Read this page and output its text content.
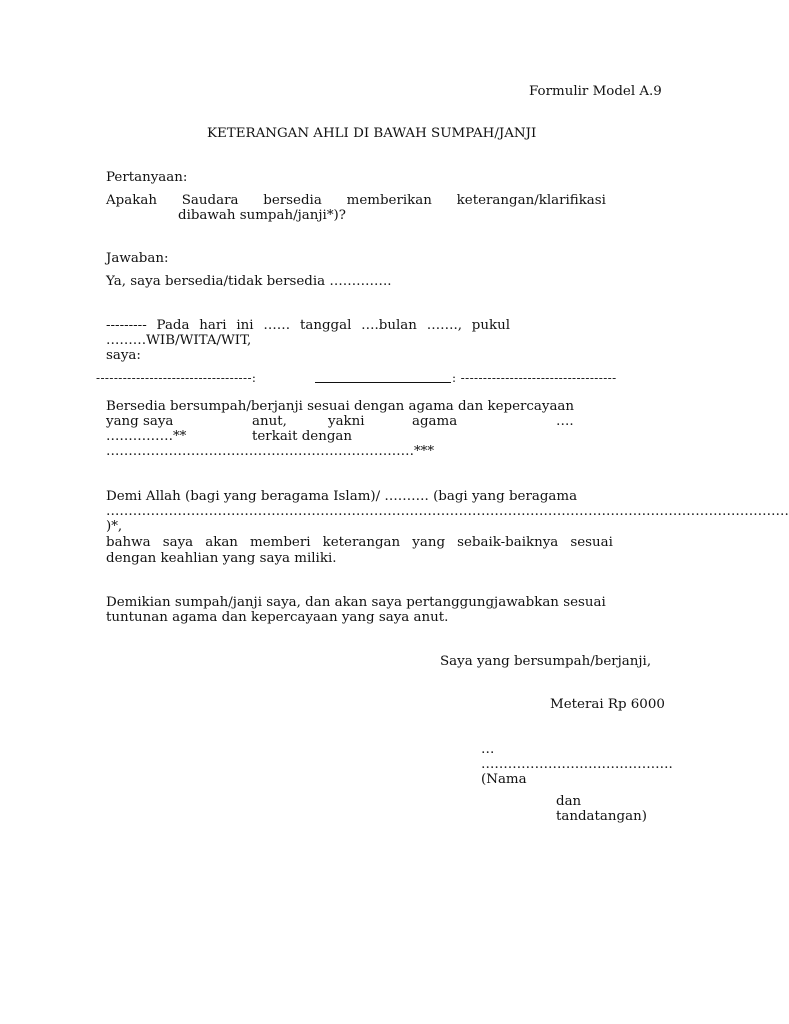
Formulir Model A.9
KETERANGAN AHLI DI BAWAH SUMPAH/JANJI
Pertanyaan:
Apakah Saudara bersedia memberikan keterangan/klarifikasi
dibawah sumpah/janji*)?
Jawaban:
Ya, saya bersedia/tidak bersedia …………..
--------- Pada hari ini …… tanggal ….bulan ……., pukul
………WIB/WITA/WIT,
saya:
-----------------------------------:	: -----------------------------------
Bersedia bersumpah/berjanji sesuai dengan agama dan kepercayaan
yang saya	anut,	yakni	agama	….
……………**	terkait dengan
……………………………………………………………***
Demi Allah (bagi yang beragama Islam)/ ………. (bagi yang beragama
………………………………………………………………………………………………………………………………………
)*,
bahwa saya akan memberi keterangan yang sebaik-baiknya sesuai
dengan keahlian yang saya miliki.
Demikian sumpah/janji saya, dan akan saya pertanggungjawabkan sesuai
tuntunan agama dan kepercayaan yang saya anut.
Saya yang bersumpah/berjanji,
Meterai Rp 6000
…
…………………………………….
(Nama
dan
tandatangan)
